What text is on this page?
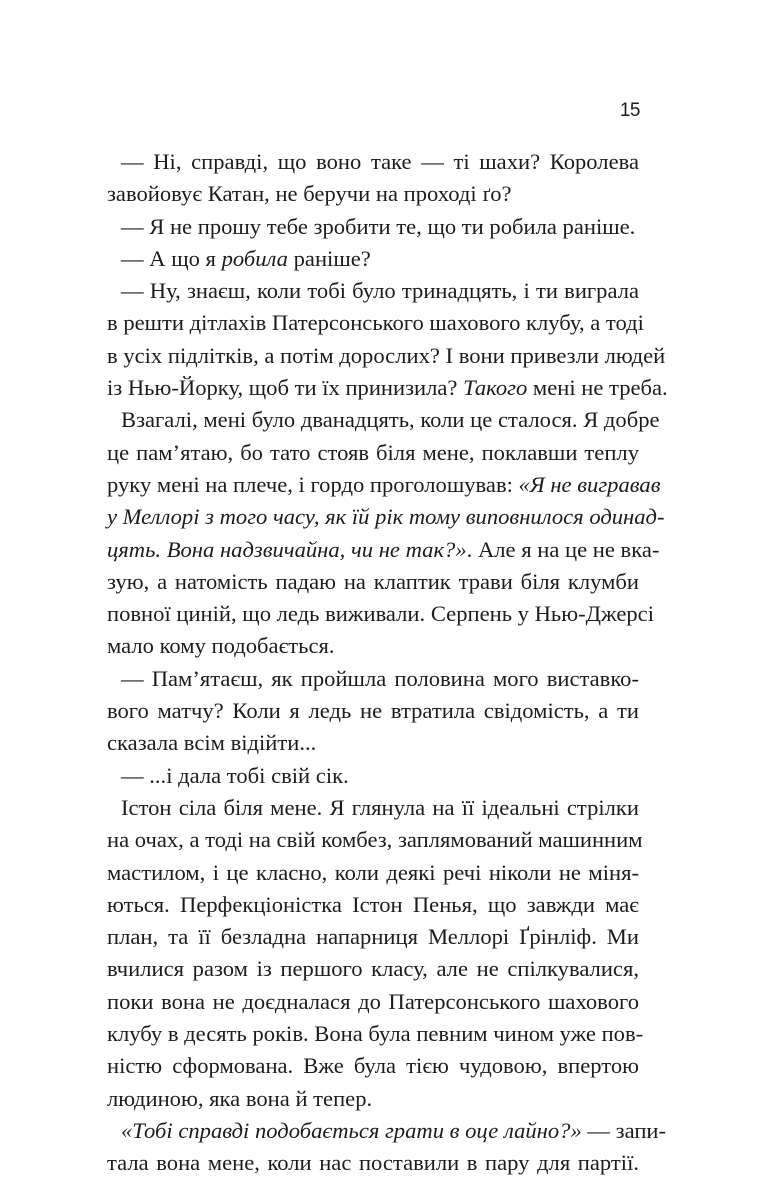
15

— Ні, справді, що воно таке — ті шахи? Королева
завойовує Катан, не беручи на проході ґо?

— Я не прошу тебе зробити те, що ти робила раніше.

— А що я робила раніше?

— Ну, знаєш, коли тобі було тринадцять, і ти виграла
в решти дітлахів Патерсонського шахового клубу, а тоді
в усіх підлітків, а потім дорослих? І вони привезли людей
із Нью-Йорку, щоб ти їх принизила? Такого мені не треба.

Взагалі, мені було дванадцять, коли це сталося. Я добре
це пам’ятаю, бо тато стояв біля мене, поклавши теплу
руку мені на плече, і гордо проголошував: «Я не вигравав
у Меллорі з того часу, як їй рік тому виповнилося одинад-
цять. Вона надзвичайна, чи не так?». Але я на це не вка-
зую, а натомість падаю на клаптик трави біля клумби
повної циній, що ледь виживали. Серпень у Нью-Джерсі
мало кому подобається.

— Пам’ятаєш, як пройшла половина мого виставко-
вого матчу? Коли я ледь не втратила свідомість, а ти
сказала всім відійти...

— ...і дала тобі свій сік.

Істон сіла біля мене. Я глянула на її ідеальні стрілки
на очах, а тоді на свій комбез, заплямований машинним
мастилом, і це класно, коли деякі речі ніколи не міня-
ються. Перфекціоністка Істон Пенья, що завжди має
план, та її безладна напарниця Меллорі Ґрінліф. Ми
вчилися разом із першого класу, але не спілкувалися,
поки вона не доєдналася до Патерсонського шахового
клубу в десять років. Вона була певним чином уже пов-
ністю сформована. Вже була тією чудовою, впертою
людиною, яка вона й тепер.

«Тобі справді подобається грати в оце лайно?» — запи-
тала вона мене, коли нас поставили в пару для партії.
